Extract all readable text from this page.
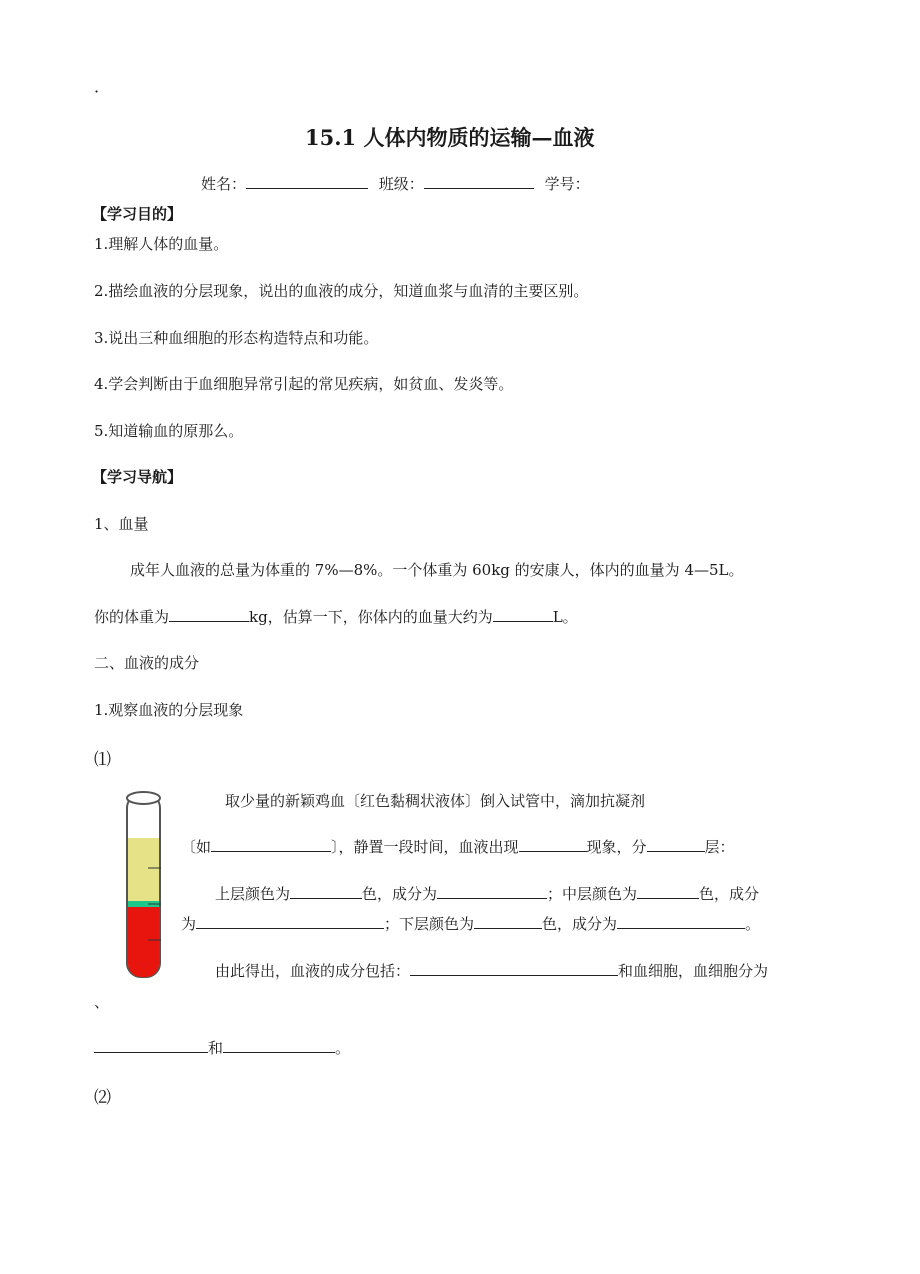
·
15.1 人体内物质的运输—血液
姓名：	班级：	学号：
【学习目的】
1.理解人体的血量。
2.描绘血液的分层现象，说出的血液的成分，知道血浆与血清的主要区别。
3.说出三种血细胞的形态构造特点和功能。
4.学会判断由于血细胞异常引起的常见疾病，如贫血、发炎等。
5.知道输血的原那么。
【学习导航】
1、血量
成年人血液的总量为体重的 7%—8%。一个体重为 60kg 的安康人，体内的血量为 4—5L。
你的体重为	kg，估算一下，你体内的血量大约为	L。
二、血液的成分
1.观察血液的分层现象
⑴
取少量的新颖鸡血〔红色黏稠状液体〕倒入试管中，滴加抗凝剂
〔如	〕，静置一段时间，血液出现	现象，分	层：
上层颜色为	色，成分为	；中层颜色为	色，成分
为	；下层颜色为	色，成分为	。
由此得出，血液的成分包括：	和血细胞，血细胞分为
、
和	。
⑵
